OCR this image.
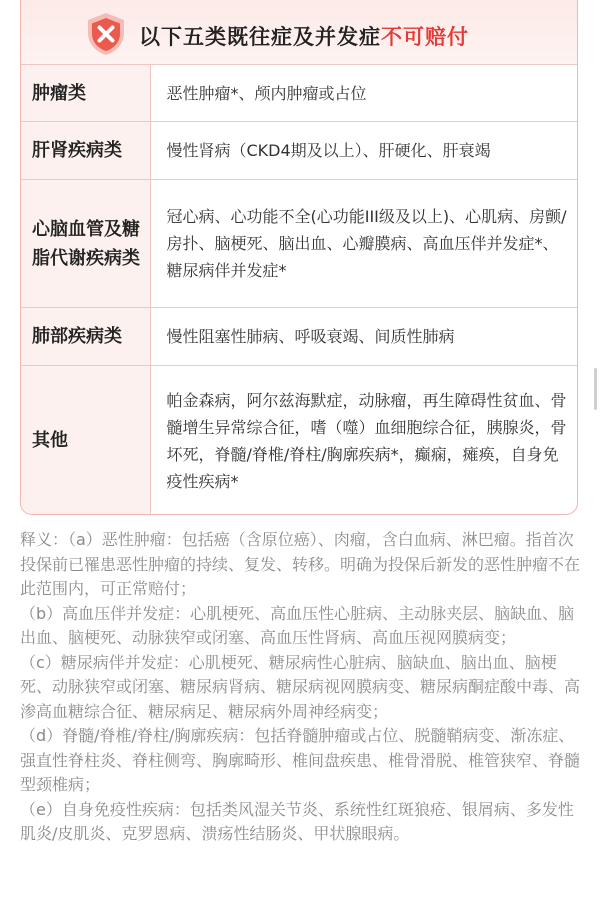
以下五类既往症及并发症不可赔付
肿瘤类	恶性肿瘤*、颅内肿瘤或占位
肝肾疾病类	慢性肾病（CKD4期及以上）、肝硬化、肝衰竭
心脑血管及糖脂代谢疾病类	冠心病、心功能不全(心功能III级及以上)、心肌病、房颤/房扑、脑梗死、脑出血、心瓣膜病、高血压伴并发症*、糖尿病伴并发症*
肺部疾病类	慢性阻塞性肺病、呼吸衰竭、间质性肺病
其他	帕金森病，阿尔兹海默症，动脉瘤，再生障碍性贫血、骨髓增生异常综合征，嗜（噬）血细胞综合征，胰腺炎，骨坏死，脊髓/脊椎/脊柱/胸廓疾病*，癫痫，瘫痪，自身免疫性疾病*

释义：（a）恶性肿瘤：包括癌（含原位癌）、肉瘤，含白血病、淋巴瘤。指首次投保前已罹患恶性肿瘤的持续、复发、转移。明确为投保后新发的恶性肿瘤不在此范围内，可正常赔付；

（b）高血压伴并发症：心肌梗死、高血压性心脏病、主动脉夹层、脑缺血、脑出血、脑梗死、动脉狭窄或闭塞、高血压性肾病、高血压视网膜病变；

（c）糖尿病伴并发症：心肌梗死、糖尿病性心脏病、脑缺血、脑出血、脑梗死、动脉狭窄或闭塞、糖尿病肾病、糖尿病视网膜病变、糖尿病酮症酸中毒、高渗高血糖综合征、糖尿病足、糖尿病外周神经病变；

（d）脊髓/脊椎/脊柱/胸廓疾病：包括脊髓肿瘤或占位、脱髓鞘病变、渐冻症、强直性脊柱炎、脊柱侧弯、胸廓畸形、椎间盘疾患、椎骨滑脱、椎管狭窄、脊髓型颈椎病；

（e）自身免疫性疾病：包括类风湿关节炎、系统性红斑狼疮、银屑病、多发性肌炎/皮肌炎、克罗恩病、溃疡性结肠炎、甲状腺眼病。
